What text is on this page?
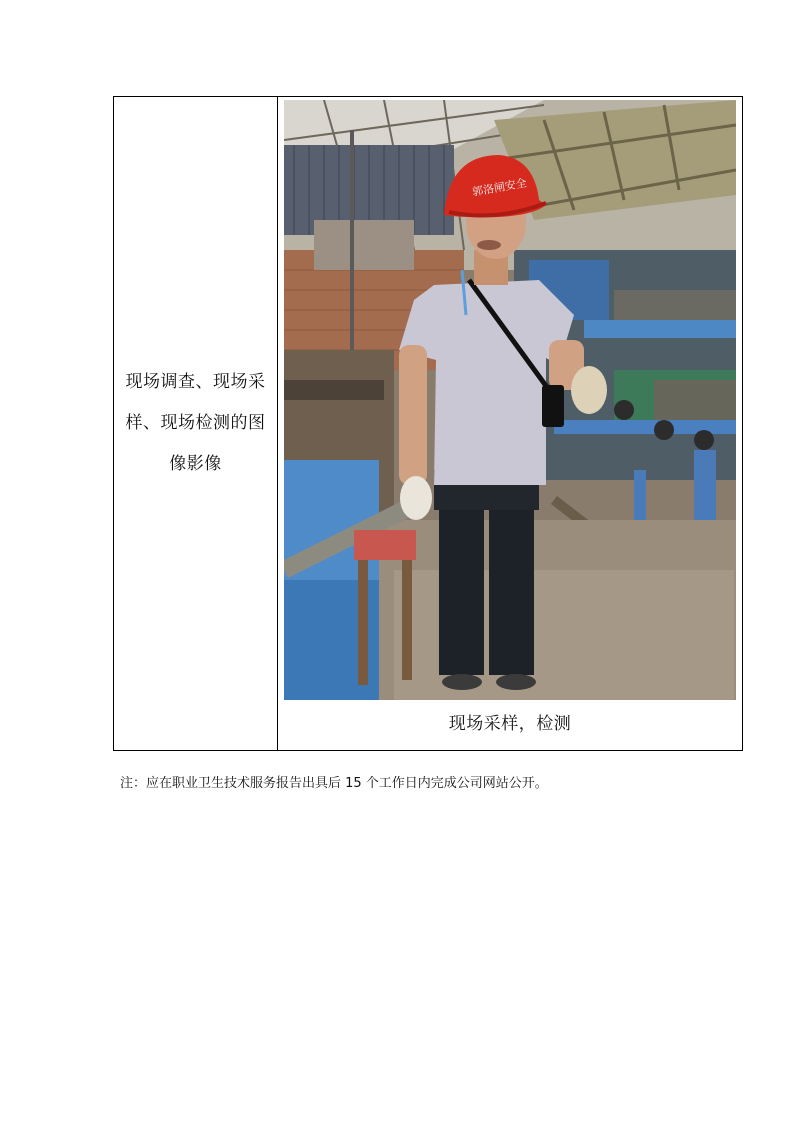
现场调查、现场采样、现场检测的图像影像
郭洛闸安全
现场采样，检测
注：应在职业卫生技术服务报告出具后 15 个工作日内完成公司网站公开。
